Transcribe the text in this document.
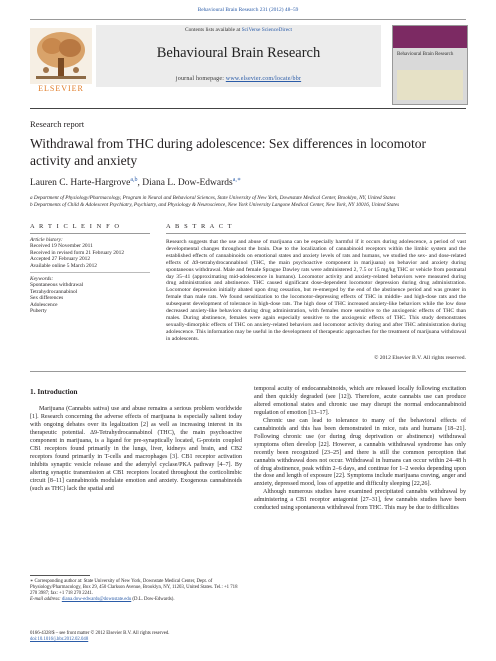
Behavioural Brain Research 231 (2012) 48–59
ELSEVIER
Contents lists available at SciVerse ScienceDirect
Behavioural Brain Research
journal homepage: www.elsevier.com/locate/bbr
Behavioural Brain Research
Research report
Withdrawal from THC during adolescence: Sex differences in locomotor activity and anxiety
Lauren C. Harte-Hargrove$^{a,b}$, Diana L. Dow-Edwards$^{a,∗}$
a Department of Physiology/Pharmacology, Program in Neural and Behavioral Sciences, State University of New York, Downstate Medical Center, Brooklyn, NY, United States
b Departments of Child & Adolescent Psychiatry, Psychiatry, and Physiology & Neuroscience, New York University Langone Medical Center, New York, NY 10016, United States
A R T I C L E I N F O	A B S T R A C T
Article history:
Received 19 November 2011
Received in revised form 21 February 2012
Accepted 27 February 2012
Available online 5 March 2012
Keywords:
Spontaneous withdrawal
Tetrahydrocannabinol
Sex differences
Adolescence
Puberty
Research suggests that the use and abuse of marijuana can be especially harmful if it occurs during adolescence, a period of vast developmental changes throughout the brain. Due to the localization of cannabinoid receptors within the limbic system and the established effects of cannabinoids on emotional states and anxiety levels of rats and humans, we studied the sex- and dose-related effects of Δ9-tetrahydrocannabinol (THC, the main psychoactive component in marijuana) on behavior and anxiety during spontaneous withdrawal. Male and female Sprague Dawley rats were administered 2, 7.5 or 15 mg/kg THC or vehicle from postnatal day 35–41 (approximating mid-adolescence in humans). Locomotor activity and anxiety-related behaviors were measured during drug administration and abstinence. THC caused significant dose-dependent locomotor depression during drug administration. Locomotor depression initially abated upon drug cessation, but re-emerged by the end of the abstinence period and was greater in female than male rats. We found sensitization to the locomotor-depressing effects of THC in middle- and high-dose rats and the subsequent development of tolerance in high-dose rats. The high dose of THC increased anxiety-like behaviors while the low dose decreased anxiety-like behaviors during drug administration, with females more sensitive to the anxiogenic effects of THC than males. During abstinence, females were again especially sensitive to the anxiogenic effects of THC. This study demonstrates sexually-dimorphic effects of THC on anxiety-related behaviors and locomotor activity during and after THC administration during adolescence. This information may be useful in the development of therapeutic approaches for the treatment of marijuana withdrawal in adolescents.
© 2012 Elsevier B.V. All rights reserved.
1. Introduction

Marijuana (Cannabis sativa) use and abuse remains a serious problem worldwide [1]. Research concerning the adverse effects of marijuana is especially salient today with ongoing debates over its legalization [2] as well as increasing interest in its therapeutic potential. Δ9-Tetrahydrocannabinol (THC), the main psychoactive component in marijuana, is a ligand for pre-synaptically located, G-protein coupled CB1 receptors found primarily in the lungs, liver, kidneys and brain, and CB2 receptors found primarily in T-cells and macrophages [3]. CB1 receptor activation inhibits synaptic vesicle release and the adenylyl cyclase/PKA pathway [4–7]. By altering synaptic transmission at CB1 receptors located throughout the corticolimbic circuit [8–11] cannabinoids modulate emotion and anxiety. Exogenous cannabinoids (such as THC) lack the spatial and

temporal acuity of endocannabinoids, which are released locally following excitation and then quickly degraded (see [12]). Therefore, acute cannabis use can produce altered emotional states and chronic use may disrupt the normal endocannabinoid regulation of emotion [13–17].

Chronic use can lead to tolerance to many of the behavioral effects of cannabinoids and this has been demonstrated in mice, rats and humans [18–21]. Following chronic use (or during drug deprivation or abstinence) withdrawal symptoms often develop [22]. However, a cannabis withdrawal syndrome has only recently been recognized [23–25] and there is still the common perception that cannabis withdrawal does not occur. Withdrawal in humans can occur within 24–48 h of drug abstinence, peak within 2–6 days, and continue for 1–2 weeks depending upon the dose and length of exposure [22]. Symptoms include marijuana craving, anger and anxiety, depressed mood, loss of appetite and difficulty sleeping [22,26].

Although numerous studies have examined precipitated cannabis withdrawal by administering a CB1 receptor antagonist [27–31], few cannabis studies have been conducted using spontaneous withdrawal from THC. This may be due to difficulties

∗ Corresponding author at: State University of New York, Downstate Medical Center, Dept. of Physiology/Pharmacology, Box 29, 450 Clarkson Avenue, Brooklyn, NY, 11203, United States. Tel.: +1 718 270 3987; fax: +1 718 270 2241.
E-mail address: diana.dow-edwards@downstate.edu (D.L. Dow-Edwards).
0166-4328/$ – see front matter © 2012 Elsevier B.V. All rights reserved.
doi:10.1016/j.bbr.2012.02.048
